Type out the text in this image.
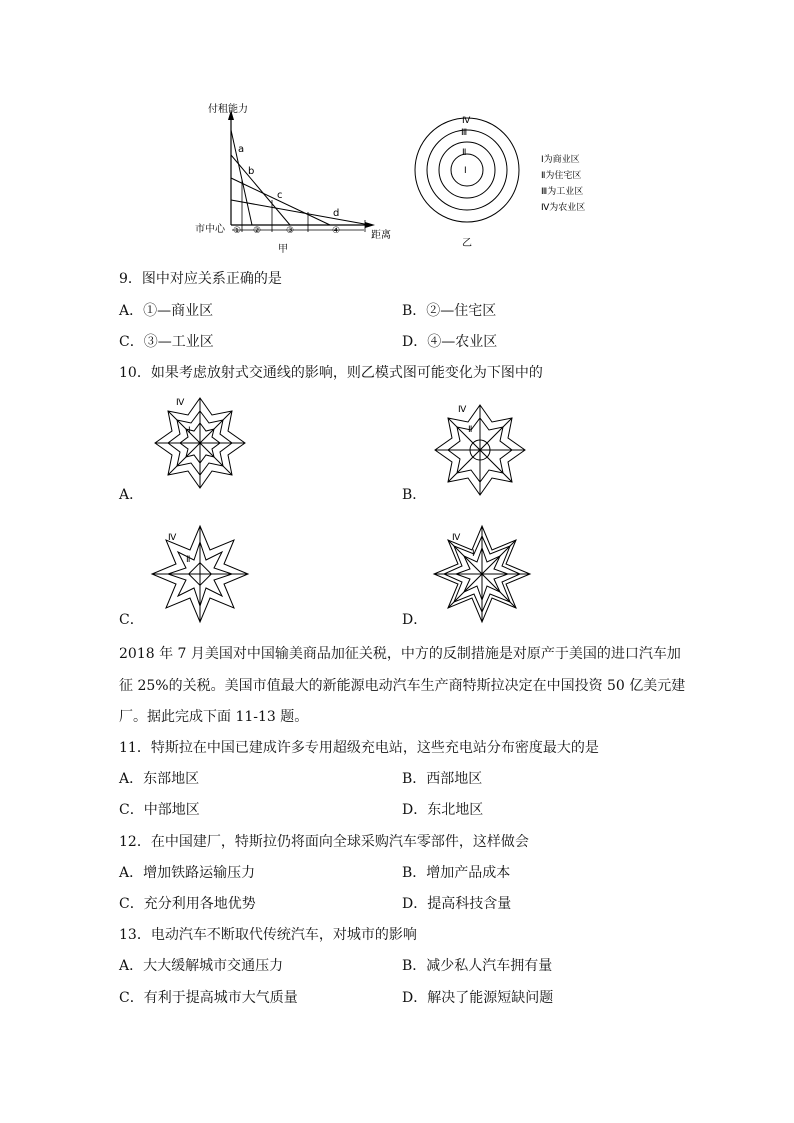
付租能力
市中心
距离
甲
a
b
c
d
① ②	③	④
Ⅳ
Ⅲ
Ⅱ
Ⅰ
乙
Ⅰ为商业区
Ⅱ为住宅区
Ⅲ为工业区
Ⅳ为农业区
9．图中对应关系正确的是
A．①—商业区	B．②—住宅区
C．③—工业区	D．④—农业区
10．如果考虑放射式交通线的影响，则乙模式图可能变化为下图中的
Ⅳ
Ⅰ
A．
Ⅳ
Ⅱ
B．
Ⅳ
Ⅱ
C．
Ⅳ
Ⅰ
D．
2018 年 7 月美国对中国输美商品加征关税，中方的反制措施是对原产于美国的进口汽车加
征 25%的关税。美国市值最大的新能源电动汽车生产商特斯拉决定在中国投资 50 亿美元建
厂。据此完成下面 11-13 题。
11．特斯拉在中国已建成许多专用超级充电站，这些充电站分布密度最大的是
A．东部地区	B．西部地区
C．中部地区	D．东北地区
12．在中国建厂，特斯拉仍将面向全球采购汽车零部件，这样做会
A．增加铁路运输压力	B．增加产品成本
C．充分利用各地优势	D．提高科技含量
13．电动汽车不断取代传统汽车，对城市的影响
A．大大缓解城市交通压力	B．减少私人汽车拥有量
C．有利于提高城市大气质量	D．解决了能源短缺问题
